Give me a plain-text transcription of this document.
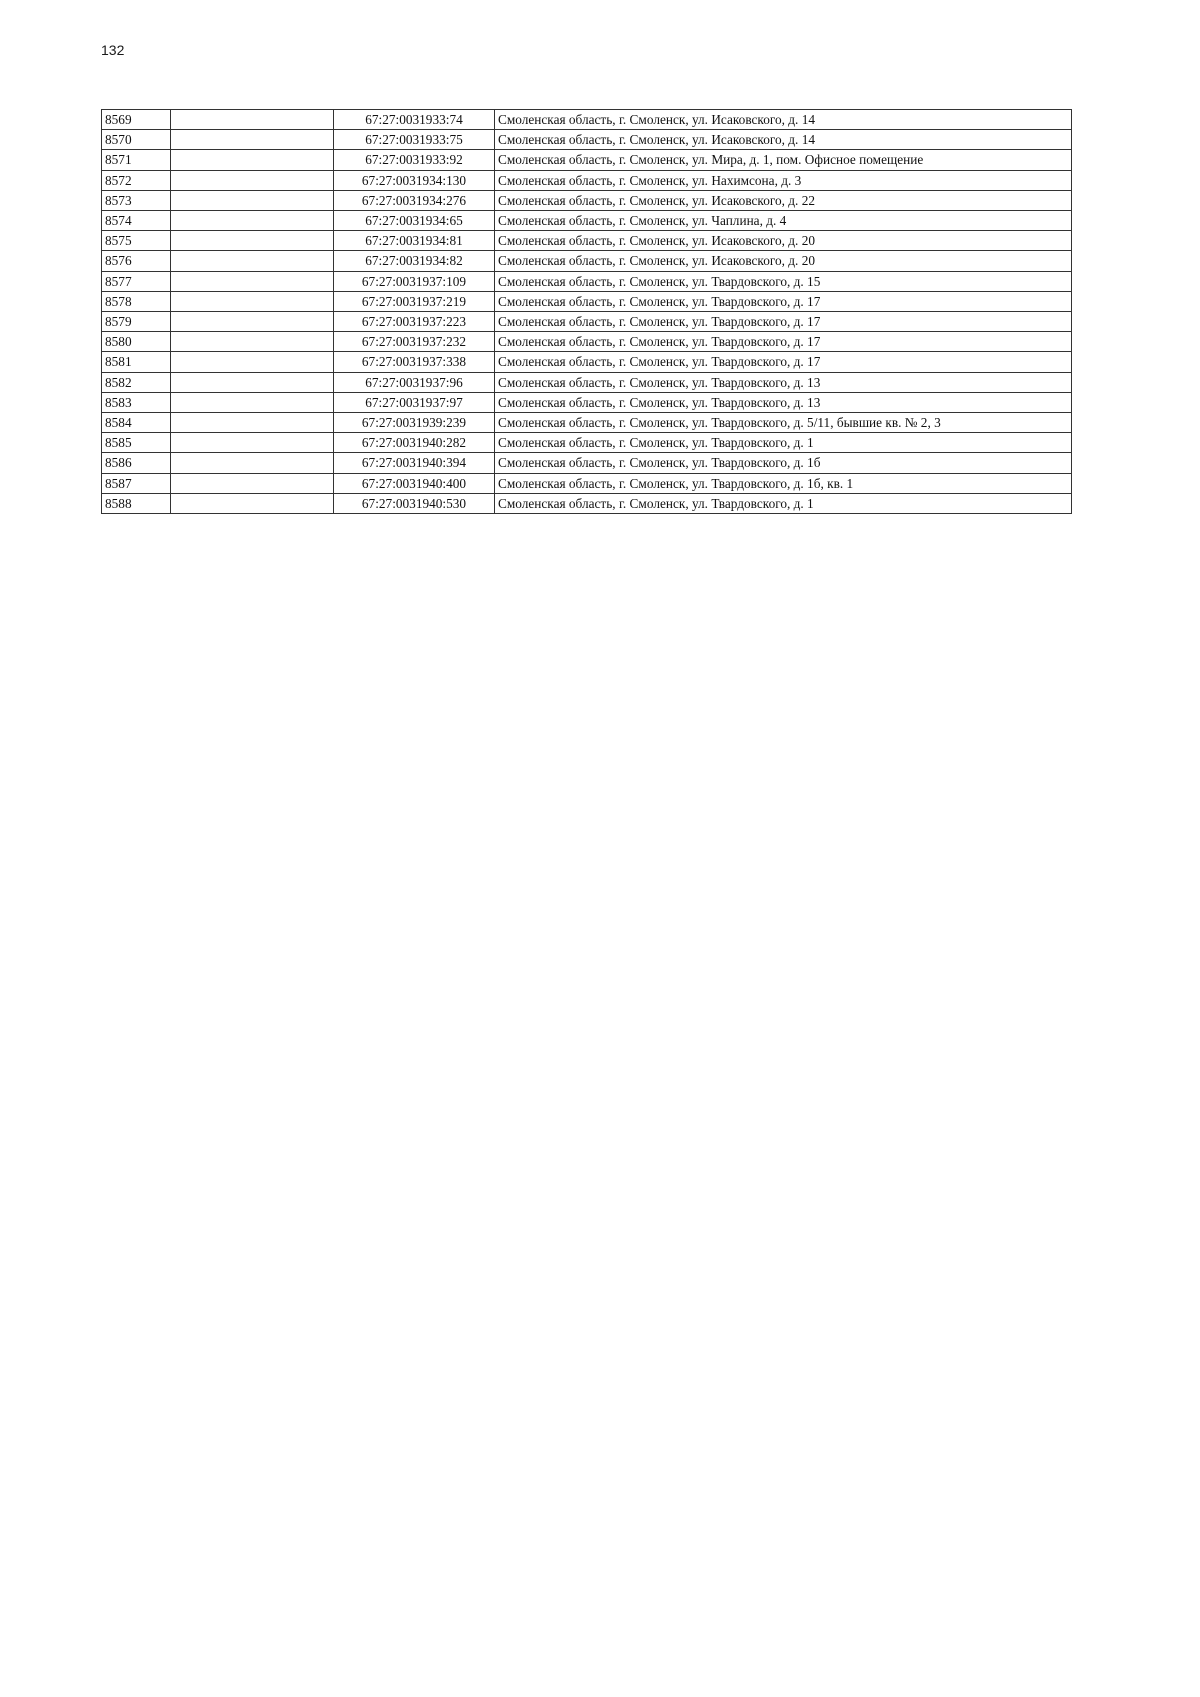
132
8569		67:27:0031933:74	Смоленская область, г. Смоленск, ул. Исаковского, д. 14
8570		67:27:0031933:75	Смоленская область, г. Смоленск, ул. Исаковского, д. 14
8571		67:27:0031933:92	Смоленская область, г. Смоленск, ул. Мира, д. 1, пом. Офисное помещение
8572		67:27:0031934:130	Смоленская область, г. Смоленск, ул. Нахимсона, д. 3
8573		67:27:0031934:276	Смоленская область, г. Смоленск, ул. Исаковского, д. 22
8574		67:27:0031934:65	Смоленская область, г. Смоленск, ул. Чаплина, д. 4
8575		67:27:0031934:81	Смоленская область, г. Смоленск, ул. Исаковского, д. 20
8576		67:27:0031934:82	Смоленская область, г. Смоленск, ул. Исаковского, д. 20
8577		67:27:0031937:109	Смоленская область, г. Смоленск, ул. Твардовского, д. 15
8578		67:27:0031937:219	Смоленская область, г. Смоленск, ул. Твардовского, д. 17
8579		67:27:0031937:223	Смоленская область, г. Смоленск, ул. Твардовского, д. 17
8580		67:27:0031937:232	Смоленская область, г. Смоленск, ул. Твардовского, д. 17
8581		67:27:0031937:338	Смоленская область, г. Смоленск, ул. Твардовского, д. 17
8582		67:27:0031937:96	Смоленская область, г. Смоленск, ул. Твардовского, д. 13
8583		67:27:0031937:97	Смоленская область, г. Смоленск, ул. Твардовского, д. 13
8584		67:27:0031939:239	Смоленская область, г. Смоленск, ул. Твардовского, д. 5/11, бывшие кв. № 2, 3
8585		67:27:0031940:282	Смоленская область, г. Смоленск, ул. Твардовского, д. 1
8586		67:27:0031940:394	Смоленская область, г. Смоленск, ул. Твардовского, д. 1б
8587		67:27:0031940:400	Смоленская область, г. Смоленск, ул. Твардовского, д. 1б, кв. 1
8588		67:27:0031940:530	Смоленская область, г. Смоленск, ул. Твардовского, д. 1
